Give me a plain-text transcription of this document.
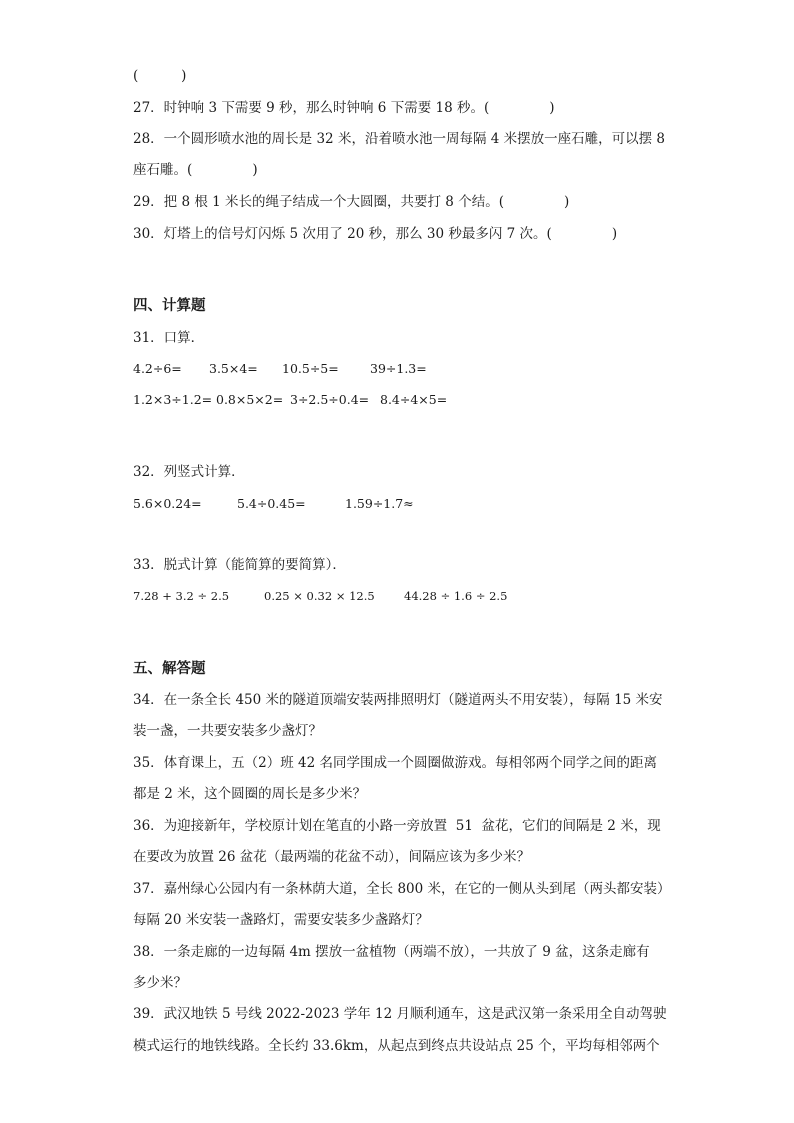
(          )
27．时钟响 3 下需要 9 秒，那么时钟响 6 下需要 18 秒。(              )
28．一个圆形喷水池的周长是 32 米，沿着喷水池一周每隔 4 米摆放一座石雕，可以摆 8
座石雕。(              )
29．把 8 根 1 米长的绳子结成一个大圆圈，共要打 8 个结。(              )
30．灯塔上的信号灯闪烁 5 次用了 20 秒，那么 30 秒最多闪 7 次。(              )
四、计算题
31．口算．
4.2÷6= 3.5×4= 10.5÷5=	39÷1.3=
1.2×3÷1.2= 0.8×5×2= 3÷2.5÷0.4= 8.4÷4×5=
32．列竖式计算．
5.6×0.24=	5.4÷0.45=	1.59÷1.7≈
33．脱式计算（能简算的要简算）．
7.28 + 3.2 ÷ 2.5	0.25 × 0.32 × 12.5	44.28 ÷ 1.6 ÷ 2.5
五、解答题
34．在一条全长 450 米的隧道顶端安装两排照明灯（隧道两头不用安装），每隔 15 米安
装一盏，一共要安装多少盏灯？
35．体育课上，五（2）班 42 名同学围成一个圆圈做游戏。每相邻两个同学之间的距离
都是 2 米，这个圆圈的周长是多少米？
36．为迎接新年，学校原计划在笔直的小路一旁放置  51  盆花，它们的间隔是 2 米，现
在要改为放置 26 盆花（最两端的花盆不动），间隔应该为多少米？
37．嘉州绿心公园内有一条林荫大道，全长 800 米，在它的一侧从头到尾（两头都安装）
每隔 20 米安装一盏路灯，需要安装多少盏路灯？
38．一条走廊的一边每隔 4m 摆放一盆植物（两端不放），一共放了 9 盆，这条走廊有
多少米？
39．武汉地铁 5 号线 2022-2023 学年 12 月顺利通车，这是武汉第一条采用全自动驾驶
模式运行的地铁线路。全长约 33.6km，从起点到终点共设站点 25 个，平均每相邻两个
